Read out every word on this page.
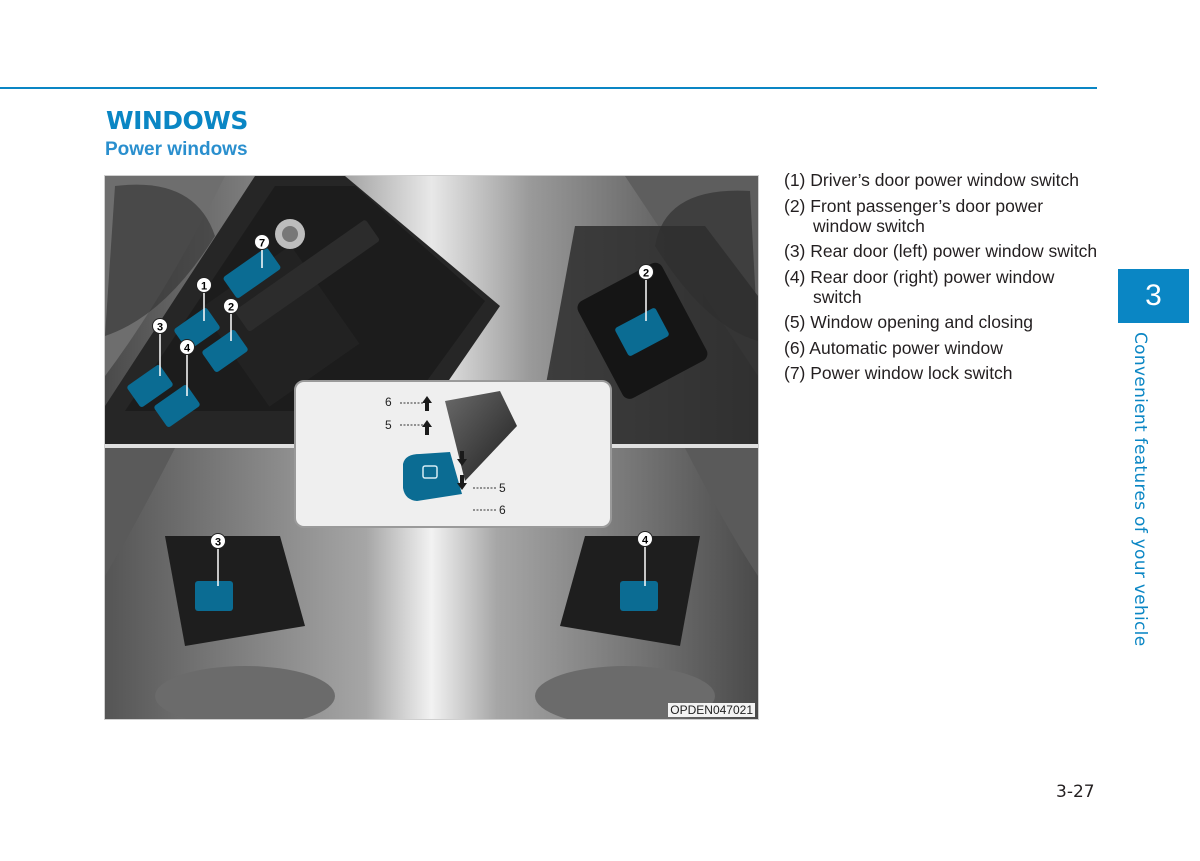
WINDOWS
Power windows
6
5
5
6
7
1
2
3
4
2
3	4
OPDEN047021
(1) Driver’s door power window switch
(2) Front passenger’s door power window switch
(3) Rear door (left) power window switch
(4) Rear door (right) power window switch
(5) Window opening and closing
(6) Automatic power window
(7) Power window lock switch
3
Convenient features of your vehicle
3-27
